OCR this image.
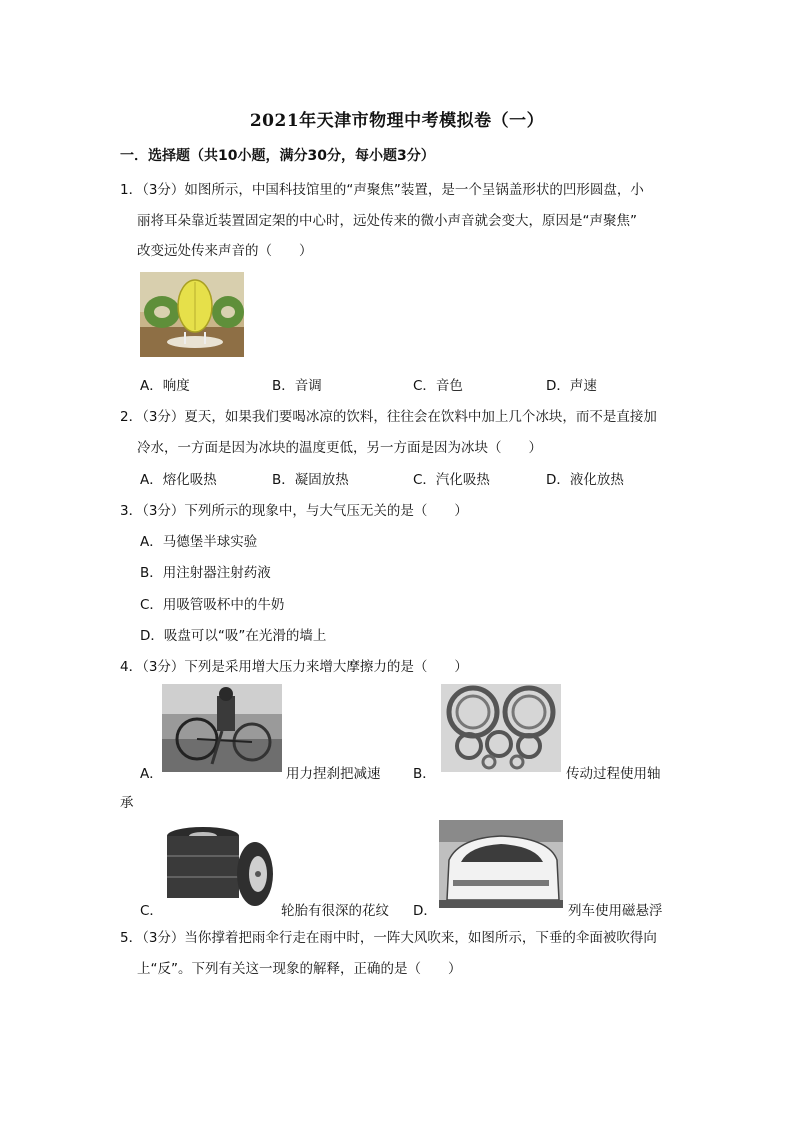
2021年天津市物理中考模拟卷（一）
一．选择题（共10小题，满分30分，每小题3分）
1．（3分）如图所示，中国科技馆里的“声聚焦”装置，是一个呈锅盖形状的凹形圆盘，小
丽将耳朵靠近装置固定架的中心时，远处传来的微小声音就会变大，原因是“声聚焦”
改变远处传来声音的（　　）
A．响度	B．音调	C．音色	D．声速
2．（3分）夏天，如果我们要喝冰凉的饮料，往往会在饮料中加上几个冰块，而不是直接加
冷水，一方面是因为冰块的温度更低，另一方面是因为冰块（　　）
A．熔化吸热	B．凝固放热	C．汽化吸热	D．液化放热
3．（3分）下列所示的现象中，与大气压无关的是（　　）
A．马德堡半球实验
B．用注射器注射药液
C．用吸管吸杯中的牛奶
D．吸盘可以“吸”在光滑的墙上
4．（3分）下列是采用增大压力来增大摩擦力的是（　　）
A．	用力捏刹把减速 B．	传动过程使用轴
承
C．	轮胎有很深的花纹 D．	列车使用磁悬浮
5．（3分）当你撑着把雨伞行走在雨中时，一阵大风吹来，如图所示，下垂的伞面被吹得向
上“反”。下列有关这一现象的解释，正确的是（　　）
